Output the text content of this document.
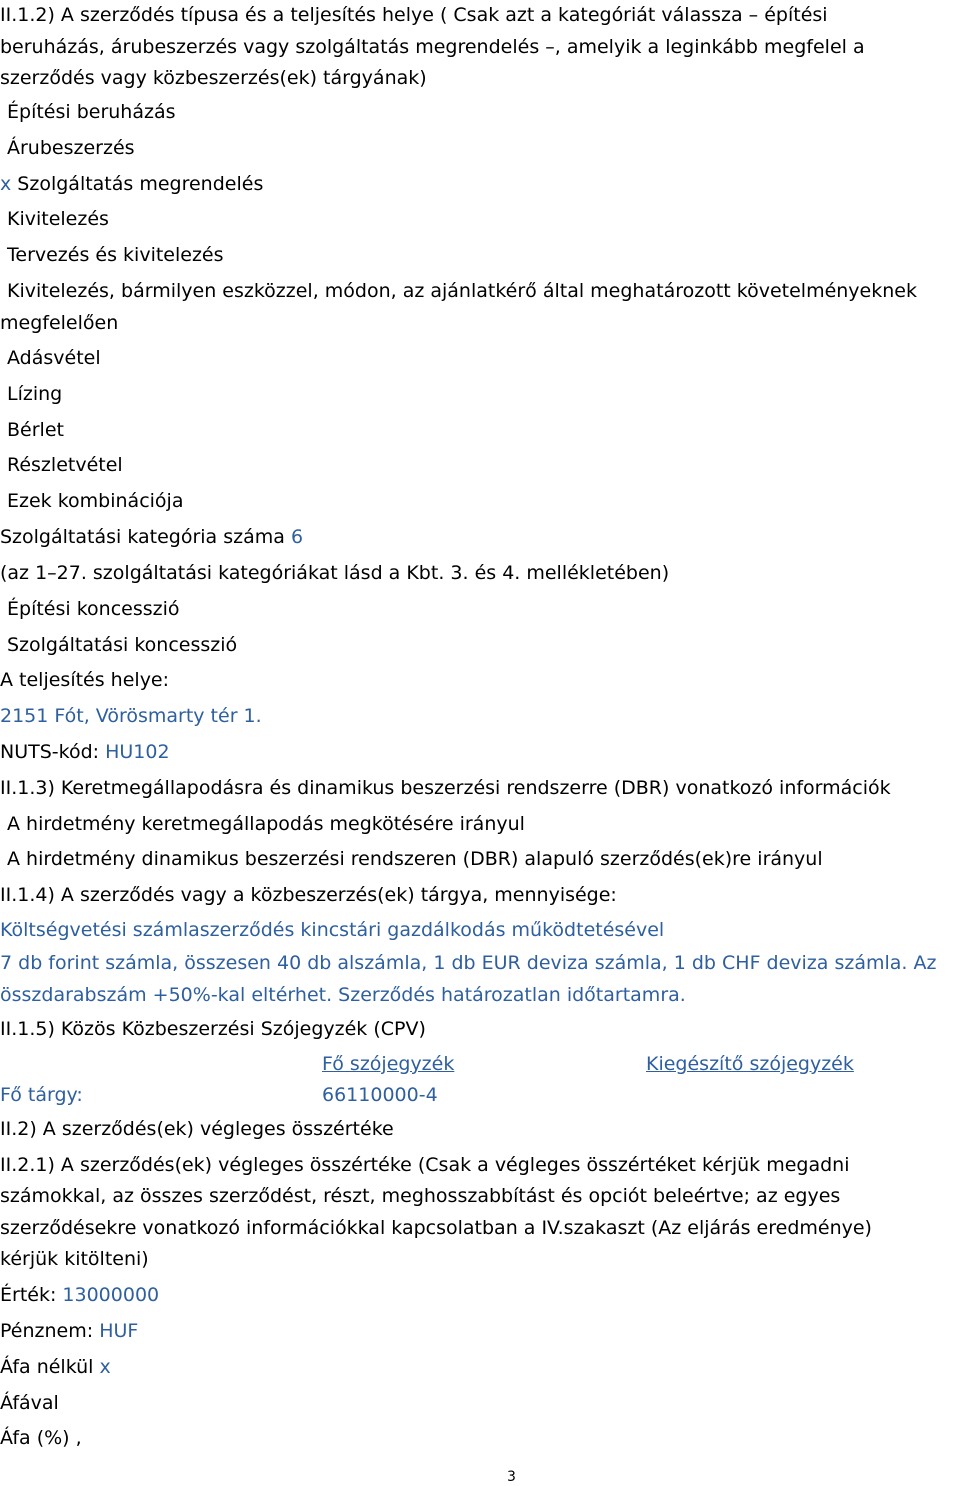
II.1.2) A szerződés típusa és a teljesítés helye ( Csak azt a kategóriát válassza – építési
beruházás, árubeszerzés vagy szolgáltatás megrendelés –, amelyik a leginkább megfelel a
szerződés vagy közbeszerzés(ek) tárgyának)
Építési beruházás
Árubeszerzés
x Szolgáltatás megrendelés
Kivitelezés
Tervezés és kivitelezés
Kivitelezés, bármilyen eszközzel, módon, az ajánlatkérő által meghatározott követelményeknek
megfelelően
Adásvétel
Lízing
Bérlet
Részletvétel
Ezek kombinációja
Szolgáltatási kategória száma 6
(az 1–27. szolgáltatási kategóriákat lásd a Kbt. 3. és 4. mellékletében)
Építési koncesszió
Szolgáltatási koncesszió
A teljesítés helye:
2151 Fót, Vörösmarty tér 1.
NUTS-kód: HU102
II.1.3) Keretmegállapodásra és dinamikus beszerzési rendszerre (DBR) vonatkozó információk
A hirdetmény keretmegállapodás megkötésére irányul
A hirdetmény dinamikus beszerzési rendszeren (DBR) alapuló szerződés(ek)re irányul
II.1.4) A szerződés vagy a közbeszerzés(ek) tárgya, mennyisége:
Költségvetési számlaszerződés kincstári gazdálkodás működtetésével
7 db forint számla, összesen 40 db alszámla, 1 db EUR deviza számla, 1 db CHF deviza számla. Az
összdarabszám +50%-kal eltérhet. Szerződés határozatlan időtartamra.
II.1.5) Közös Közbeszerzési Szójegyzék (CPV)
Fő szójegyzék	Kiegészítő szójegyzék
Fő tárgy:	66110000-4
II.2) A szerződés(ek) végleges összértéke
II.2.1) A szerződés(ek) végleges összértéke (Csak a végleges összértéket kérjük megadni
számokkal, az összes szerződést, részt, meghosszabbítást és opciót beleértve; az egyes
szerződésekre vonatkozó információkkal kapcsolatban a IV.szakaszt (Az eljárás eredménye)
kérjük kitölteni)
Érték: 13000000
Pénznem: HUF
Áfa nélkül x
Áfával
Áfa (%) ,
3
